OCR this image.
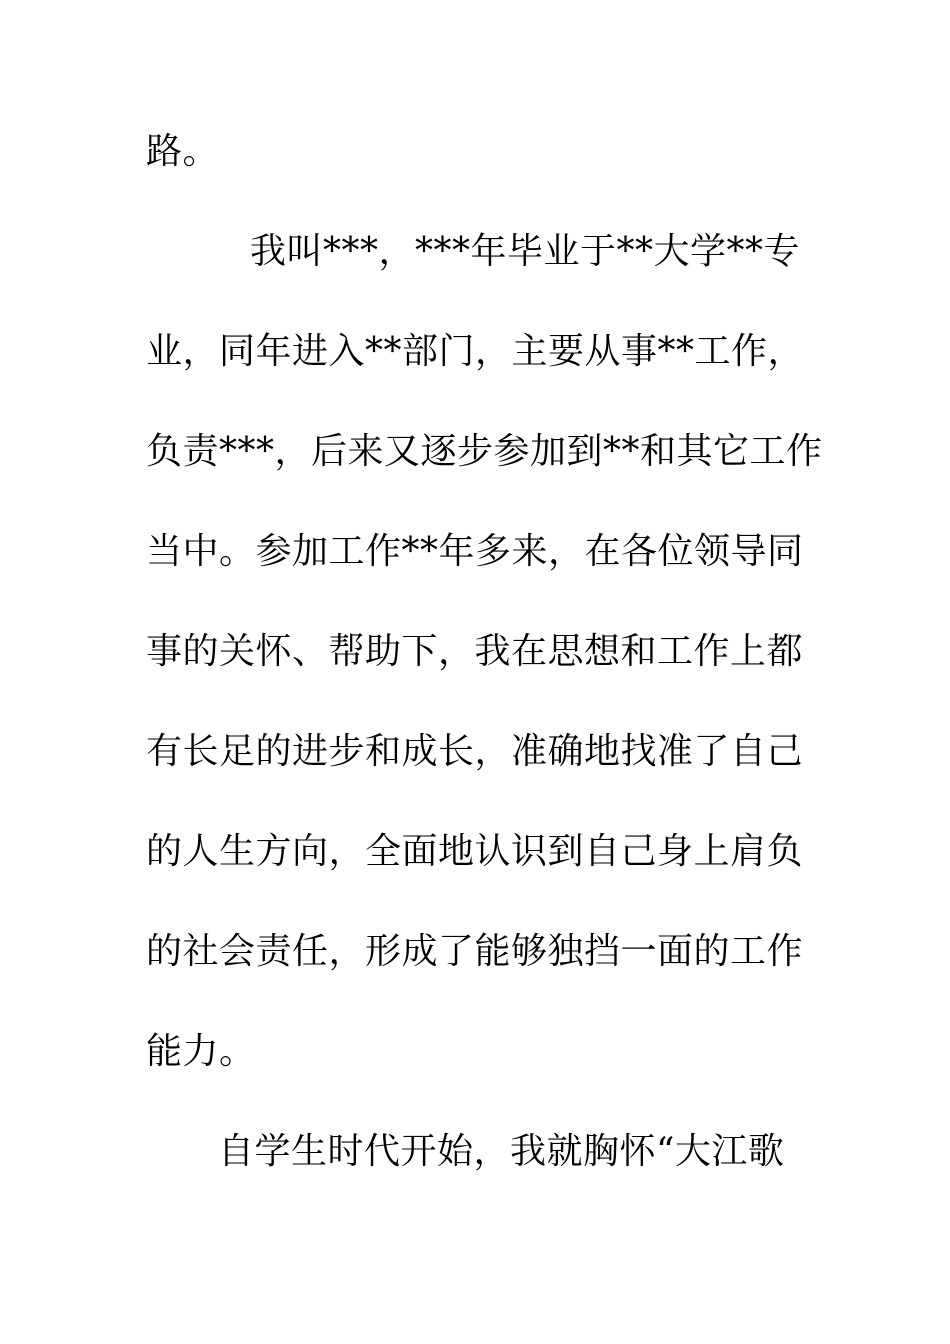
路。
我叫***，***年毕业于**大学**专
业，同年进入**部门，主要从事**工作，
负责***，后来又逐步参加到**和其它工作
当中。参加工作**年多来，在各位领导同
事的关怀、帮助下，我在思想和工作上都
有长足的进步和成长，准确地找准了自己
的人生方向，全面地认识到自己身上肩负
的社会责任，形成了能够独挡一面的工作
能力。
自学生时代开始，我就胸怀“大江歌
